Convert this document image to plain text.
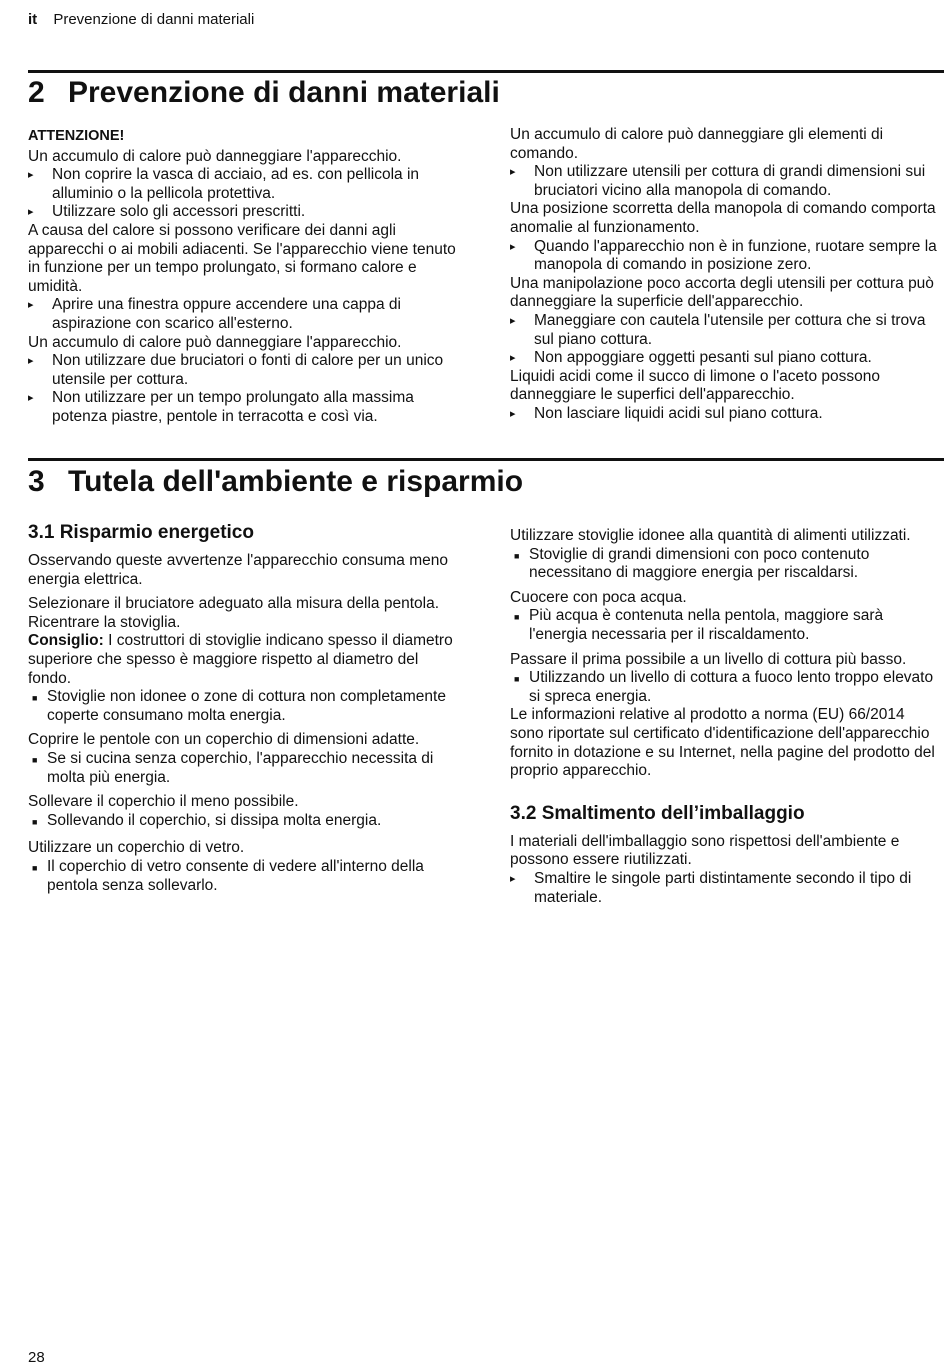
it Prevenzione di danni materiali
2 Prevenzione di danni materiali

ATTENZIONE!

Un accumulo di calore può danneggiare l'apparecchio.

▸ Non coprire la vasca di acciaio, ad es. con pellicola in alluminio o la pellicola protettiva.

▸ Utilizzare solo gli accessori prescritti.

A causa del calore si possono verificare dei danni agli apparecchi o ai mobili adiacenti. Se l'apparecchio viene tenuto in funzione per un tempo prolungato, si formano calore e umidità.

▸ Aprire una finestra oppure accendere una cappa di aspirazione con scarico all'esterno.

Un accumulo di calore può danneggiare l'apparecchio.

▸ Non utilizzare due bruciatori o fonti di calore per un unico utensile per cottura.

▸ Non utilizzare per un tempo prolungato alla massima potenza piastre, pentole in terracotta e così via.

Un accumulo di calore può danneggiare gli elementi di comando.

▸ Non utilizzare utensili per cottura di grandi dimensioni sui bruciatori vicino alla manopola di comando.

Una posizione scorretta della manopola di comando comporta anomalie al funzionamento.

▸ Quando l'apparecchio non è in funzione, ruotare sempre la manopola di comando in posizione zero.

Una manipolazione poco accorta degli utensili per cottura può danneggiare la superficie dell'apparecchio.

▸ Maneggiare con cautela l'utensile per cottura che si trova sul piano cottura.

▸ Non appoggiare oggetti pesanti sul piano cottura.

Liquidi acidi come il succo di limone o l'aceto possono danneggiare le superfici dell'apparecchio.

▸ Non lasciare liquidi acidi sul piano cottura.

3 Tutela dell'ambiente e risparmio

3.1 Risparmio energetico

Osservando queste avvertenze l'apparecchio consuma meno energia elettrica.

Selezionare il bruciatore adeguato alla misura della pentola. Ricentrare la stoviglia.

Consiglio: I costruttori di stoviglie indicano spesso il diametro superiore che spesso è maggiore rispetto al diametro del fondo.

■ Stoviglie non idonee o zone di cottura non completamente coperte consumano molta energia.

Coprire le pentole con un coperchio di dimensioni adatte.

■ Se si cucina senza coperchio, l'apparecchio necessita di molta più energia.

Sollevare il coperchio il meno possibile.

■ Sollevando il coperchio, si dissipa molta energia.

Utilizzare un coperchio di vetro.

■ Il coperchio di vetro consente di vedere all'interno della pentola senza sollevarlo.

Utilizzare stoviglie idonee alla quantità di alimenti utilizzati.

■ Stoviglie di grandi dimensioni con poco contenuto necessitano di maggiore energia per riscaldarsi.

Cuocere con poca acqua.

■ Più acqua è contenuta nella pentola, maggiore sarà l'energia necessaria per il riscaldamento.

Passare il prima possibile a un livello di cottura più basso.

■ Utilizzando un livello di cottura a fuoco lento troppo elevato si spreca energia.

Le informazioni relative al prodotto a norma (EU) 66/2014 sono riportate sul certificato d'identificazione dell'apparecchio fornito in dotazione e su Internet, nella pagine del prodotto del proprio apparecchio.

3.2 Smaltimento dell’imballaggio

I materiali dell'imballaggio sono rispettosi dell'ambiente e possono essere riutilizzati.

▸ Smaltire le singole parti distintamente secondo il tipo di materiale.

28
